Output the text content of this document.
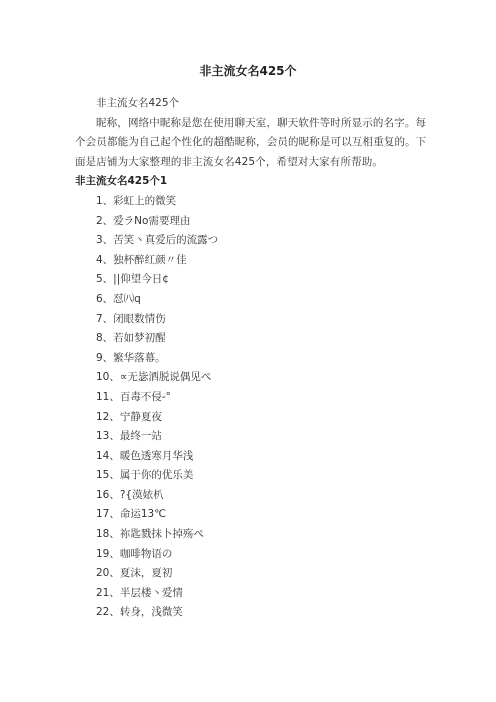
非主流女名425个

非主流女名425个

昵称，网络中昵称是您在使用聊天室，聊天软件等时所显示的名字。每个会员都能为自己起个性化的超酷昵称，会员的昵称是可以互相重复的。下面是店铺为大家整理的非主流女名425个，希望对大家有所帮助。

非主流女名425个1

1、彩虹上的微笑
2、爱ラNo需要理由
3、苦笑丶真爱后的流露つ
4、独杯醉红颜〃佳
5、||仰望今日¢
6、怼㈧q
7、闭眼数情伤
8、若如梦初醒
9、繁华落幕。
10、∝无毖洒脱说偶见ぺ
11、百毒不侵-°
12、宁静夏夜
13、最终一站
14、暖色透寒月华浅
15、属于你的优乐美
16、?{漠㛄朳
17、命运13℃
18、祢匙戮抹卜掉殇ぺ
19、咖啡物语の
20、夏沫，夏初
21、半层楼丶爱情
22、转身，浅微笑
